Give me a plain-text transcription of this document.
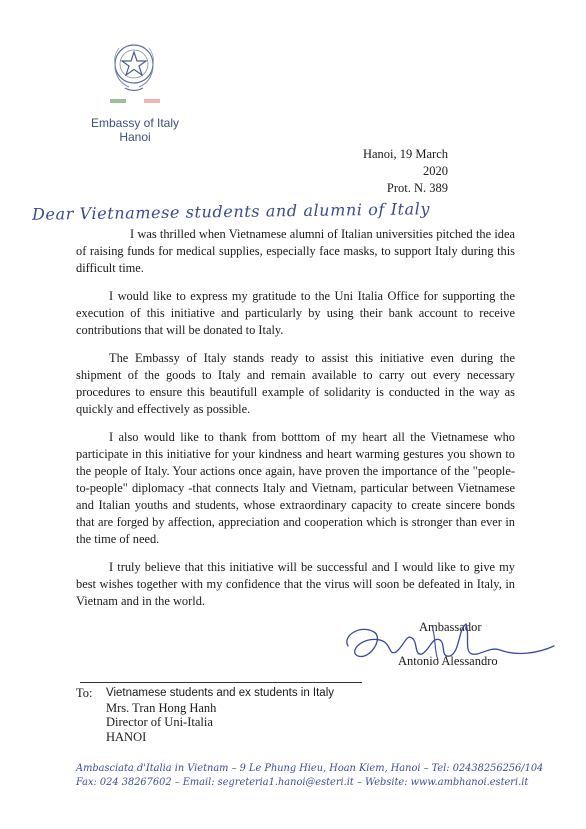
Embassy of Italy
Hanoi
Hanoi, 19 March 2020
Prot. N. 389
Dear Vietnamese students and alumni of Italy

I was thrilled when Vietnamese alumni of Italian universities pitched the idea of raising funds for medical supplies, especially face masks, to support Italy during this difficult time.

I would like to express my gratitude to the Uni Italia Office for supporting the execution of this initiative and particularly by using their bank account to receive contributions that will be donated to Italy.

The Embassy of Italy stands ready to assist this initiative even during the shipment of the goods to Italy and remain available to carry out every necessary procedures to ensure this beautifull example of solidarity is conducted in the way as quickly and effectively as possible.

I also would like to thank from botttom of my heart all the Vietnamese who participate in this initiative for your kindness and heart warming gestures you shown to the people of Italy. Your actions once again, have proven the importance of the "people-to-people" diplomacy -that connects Italy and Vietnam, particular between Vietnamese and Italian youths and students, whose extraordinary capacity to create sincere bonds that are forged by affection, appreciation and cooperation which is stronger than ever in the time of need.

I truly believe that this initiative will be successful and I would like to give my best wishes together with my confidence that the virus will soon be defeated in Italy, in Vietnam and in the world.

Ambassador
Antonio Alessandro
To:	Vietnamese students and ex students in Italy
Mrs. Tran Hong Hanh
Director of Uni-Italia
HANOI
Ambasciata d'Italia in Vietnam – 9 Le Phung Hieu, Hoan Kiem, Hanoi – Tel: 02438256256/104
Fax: 024 38267602 – Email: segreteria1.hanoi@esteri.it – Website: www.ambhanoi.esteri.it
